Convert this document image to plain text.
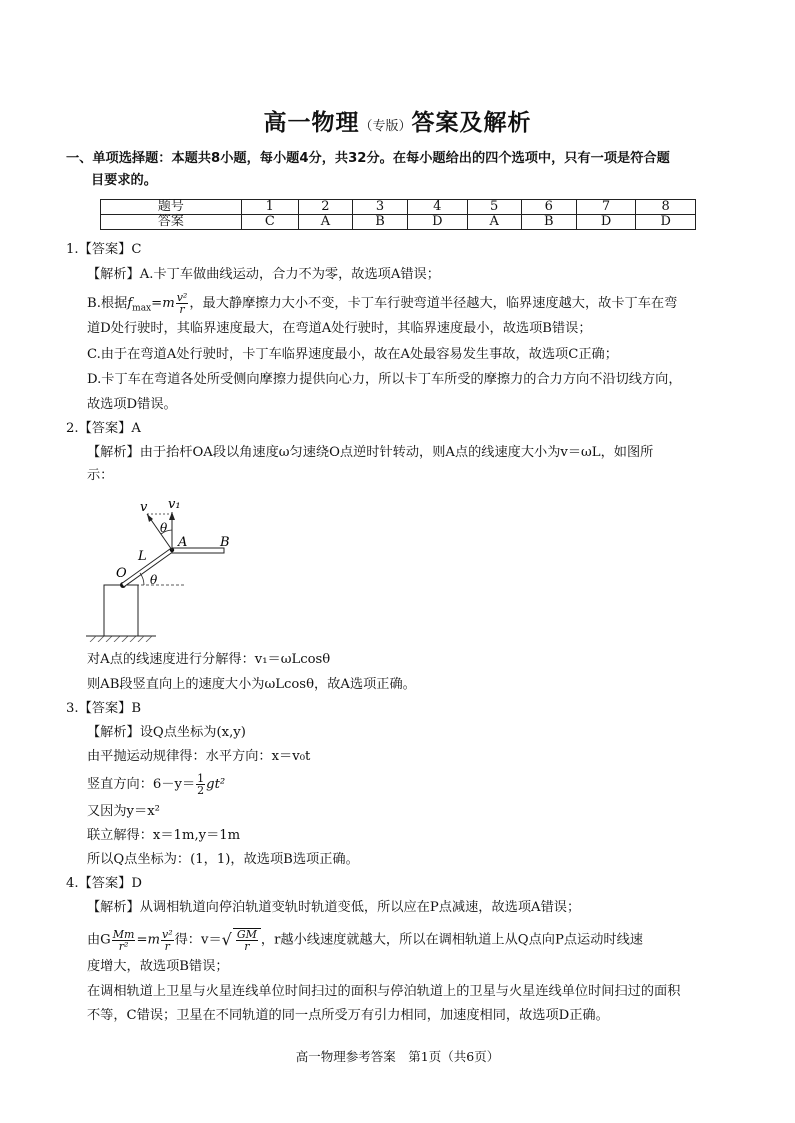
高一物理（专版）答案及解析
一、单项选择题：本题共8小题，每小题4分，共32分。在每小题给出的四个选项中，只有一项是符合题
目要求的。
题号	1	2	3	4	5	6	7	8
答案	C	A	B	D	A	B	D	D
1.【答案】C
【解析】A.卡丁车做曲线运动，合力不为零，故选项A错误；
B.根据$f_{max}=m \frac{\text{v²}}{r}$ ，最大静摩擦力大小不变，卡丁车行驶弯道半径越大，临界速度越大，故卡丁车在弯
道D处行驶时，其临界速度最大，在弯道A处行驶时，其临界速度最小，故选项B错误；
C.由于在弯道A处行驶时，卡丁车临界速度最小，故在A处最容易发生事故，故选项C正确；
D.卡丁车在弯道各处所受侧向摩擦力提供向心力，所以卡丁车所受的摩擦力的合力方向不沿切线方向，
故选项D错误。
2.【答案】A
【解析】由于抬杆OA段以角速度ω匀速绕O点逆时针转动，则A点的线速度大小为v＝ωL，如图所
示：
v v₁
θ
A	B
L
O θ
对A点的线速度进行分解得：v₁＝ωLcosθ
则AB段竖直向上的速度大小为ωLcosθ，故A选项正确。
3.【答案】B
【解析】设Q点坐标为(x,y)
由平抛运动规律得：水平方向：x＝v₀t
竖直方向：$6-y= \frac{1}{2} gt^2$
又因为y＝x²
联立解得：x＝1m,y＝1m
所以Q点坐标为：(1，1)，故选项B选项正确。
4.【答案】D
【解析】从调相轨道向停泊轨道变轨时轨道变低，所以应在P点减速，故选项A错误；
由G $\frac{Mm}{\text{r²}} =m \frac{\text{v²}}{r}$ 得：$v=√ \frac{GM}{r}$ ，r越小线速度就越大，所以在调相轨道上从Q点向P点运动时线速
度增大，故选项B错误；
在调相轨道上卫星与火星连线单位时间扫过的面积与停泊轨道上的卫星与火星连线单位时间扫过的面积
不等，C错误；卫星在不同轨道的同一点所受万有引力相同，加速度相同，故选项D正确。
高一物理参考答案　第1页（共6页）
